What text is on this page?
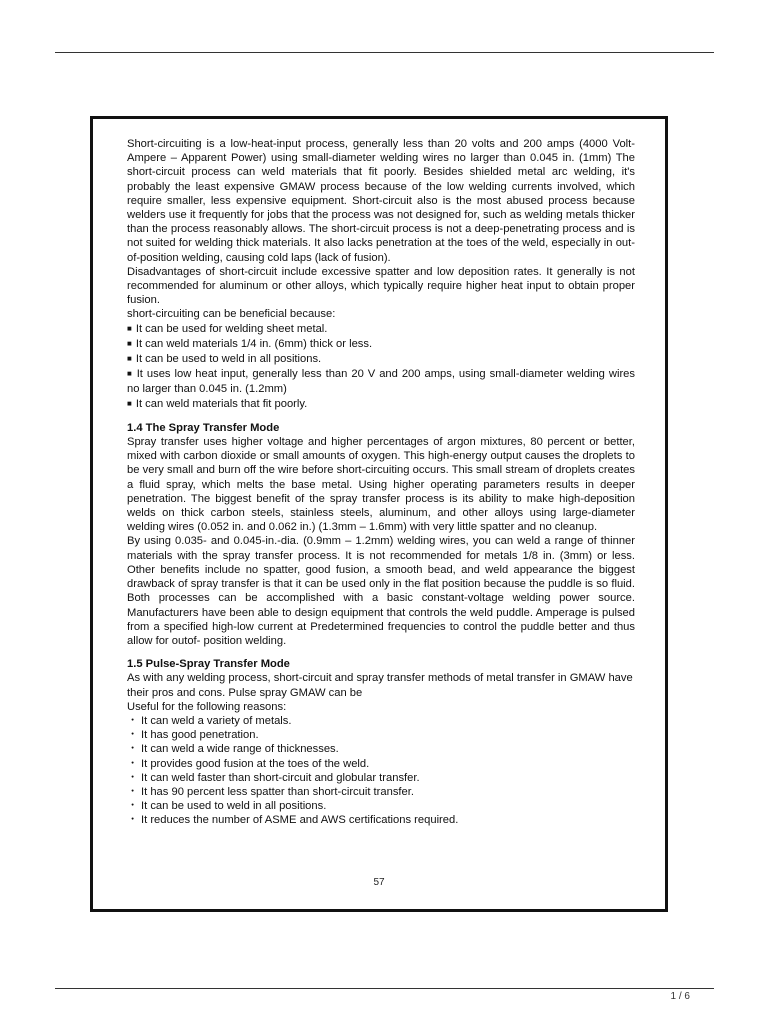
Short-circuiting is a low-heat-input process, generally less than 20 volts and 200 amps (4000 Volt-Ampere – Apparent Power) using small-diameter welding wires no larger than 0.045 in. (1mm) The short-circuit process can weld materials that fit poorly. Besides shielded metal arc welding, it's probably the least expensive GMAW process because of the low welding currents involved, which require smaller, less expensive equipment. Short-circuit also is the most abused process because welders use it frequently for jobs that the process was not designed for, such as welding metals thicker than the process reasonably allows. The short-circuit process is not a deep-penetrating process and is not suited for welding thick materials. It also lacks penetration at the toes of the weld, especially in out-of-position welding, causing cold laps (lack of fusion).

Disadvantages of short-circuit include excessive spatter and low deposition rates. It generally is not recommended for aluminum or other alloys, which typically require higher heat input to obtain proper fusion.

short-circuiting can be beneficial because:

■ It can be used for welding sheet metal.

■ It can weld materials 1/4 in. (6mm) thick or less.

■ It can be used to weld in all positions.

■ It uses low heat input, generally less than 20 V and 200 amps, using small-diameter welding wires no larger than 0.045 in. (1.2mm)

■ It can weld materials that fit poorly.

1.4 The Spray Transfer Mode

Spray transfer uses higher voltage and higher percentages of argon mixtures, 80 percent or better, mixed with carbon dioxide or small amounts of oxygen. This high-energy output causes the droplets to be very small and burn off the wire before short-circuiting occurs. This small stream of droplets creates a fluid spray, which melts the base metal. Using higher operating parameters results in deeper penetration. The biggest benefit of the spray transfer process is its ability to make high-deposition welds on thick carbon steels, stainless steels, aluminum, and other alloys using large-diameter welding wires (0.052 in. and 0.062 in.) (1.3mm – 1.6mm) with very little spatter and no cleanup.

By using 0.035- and 0.045-in.-dia. (0.9mm – 1.2mm) welding wires, you can weld a range of thinner materials with the spray transfer process. It is not recommended for metals 1/8 in. (3mm) or less. Other benefits include no spatter, good fusion, a smooth bead, and weld appearance the biggest drawback of spray transfer is that it can be used only in the flat position because the puddle is so fluid. Both processes can be accomplished with a basic constant-voltage welding power source. Manufacturers have been able to design equipment that controls the weld puddle. Amperage is pulsed from a specified high-low current at Predetermined frequencies to control the puddle better and thus allow for outof- position welding.

1.5 Pulse-Spray Transfer Mode

As with any welding process, short-circuit and spray transfer methods of metal transfer in GMAW have their pros and cons. Pulse spray GMAW can be

Useful for the following reasons:

・ It can weld a variety of metals.

・ It has good penetration.

・ It can weld a wide range of thicknesses.

・ It provides good fusion at the toes of the weld.

・ It can weld faster than short-circuit and globular transfer.

・ It has 90 percent less spatter than short-circuit transfer.

・ It can be used to weld in all positions.

・ It reduces the number of ASME and AWS certifications required.

57
1 / 6
